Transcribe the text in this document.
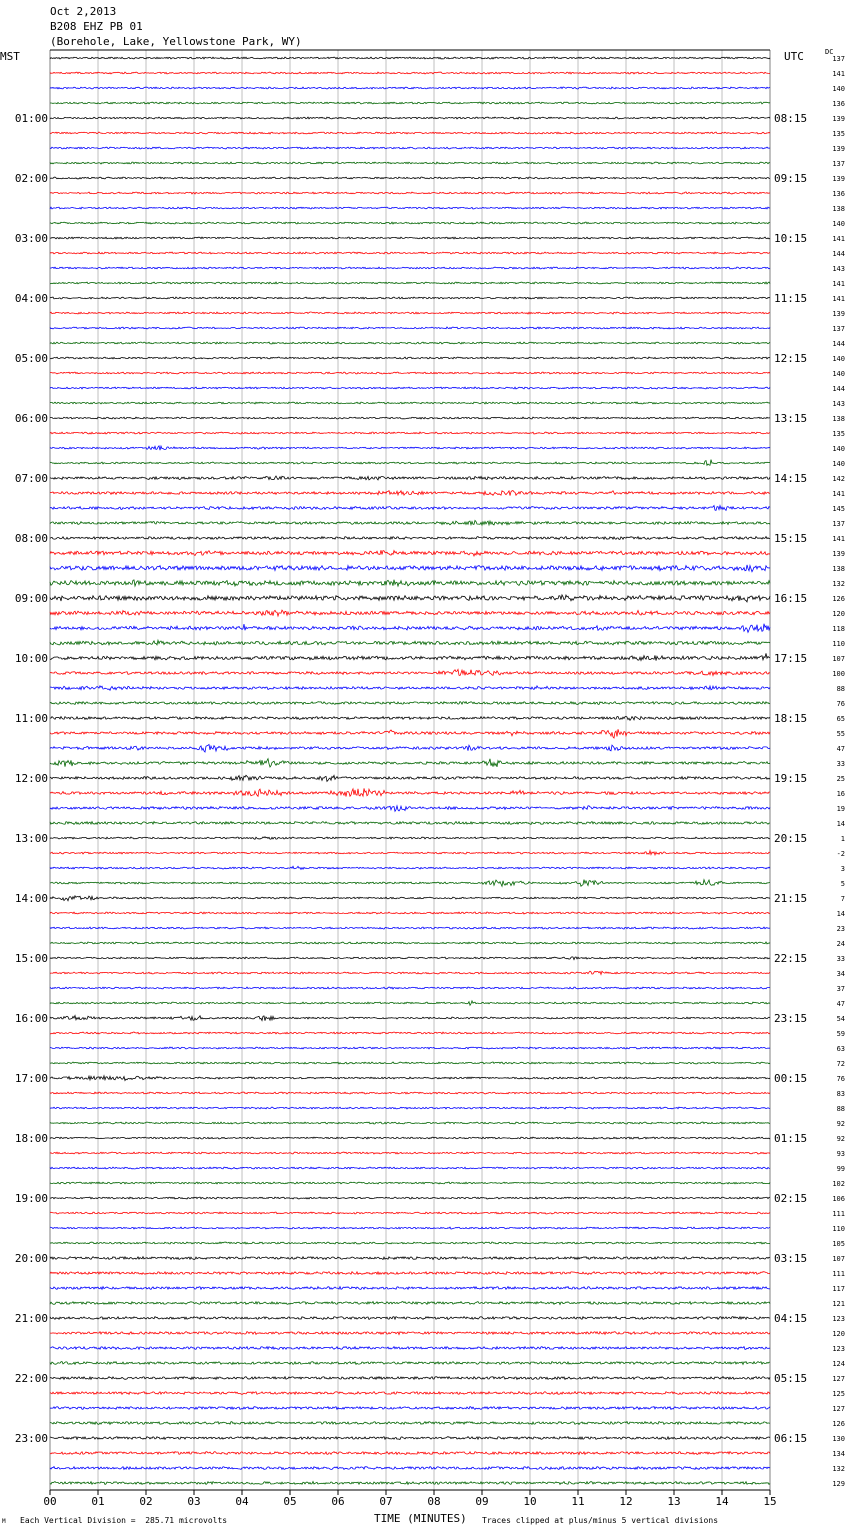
00	01	02	03	04	05	06	07	08	09	10	11	12	13	14	15
01:00
02:00
03:00
04:00
05:00
06:00
07:00
08:00
09:00
10:00
11:00
12:00
13:00
14:00
15:00
16:00
17:00
18:00
19:00
20:00
21:00
22:00
23:00
08:15
09:15
10:15
11:15
12:15
13:15
14:15
15:15
16:15
17:15
18:15
19:15
20:15
21:15
22:15
23:15
00:15
01:15
02:15
03:15
04:15
05:15
06:15
137
141
140
136
139
135
139
137
139
136
138
140
141
144
143
141
141
139
137
144
140
140
144
143
138
135
140
140
142
141
145
137
141
139
138
132
126
120
118
110
107
100
88
76
65
55
47
33
25
16
19
14
1
-2
3
5
7
14
23
24
33
34
37
47
54
59
63
72
76
83
88
92
92
93
99
102
106
111
110
105
107
111
117
121
123
120
123
124
127
125
127
126
130
134
132
129
Oct 2,2013
B208 EHZ PB 01
(Borehole, Lake, Yellowstone Park, WY)
MST	UTC	DC
M Each Vertical Division =  285.71 microvolts	TIME (MINUTES) Traces clipped at plus/minus 5 vertical divisions
